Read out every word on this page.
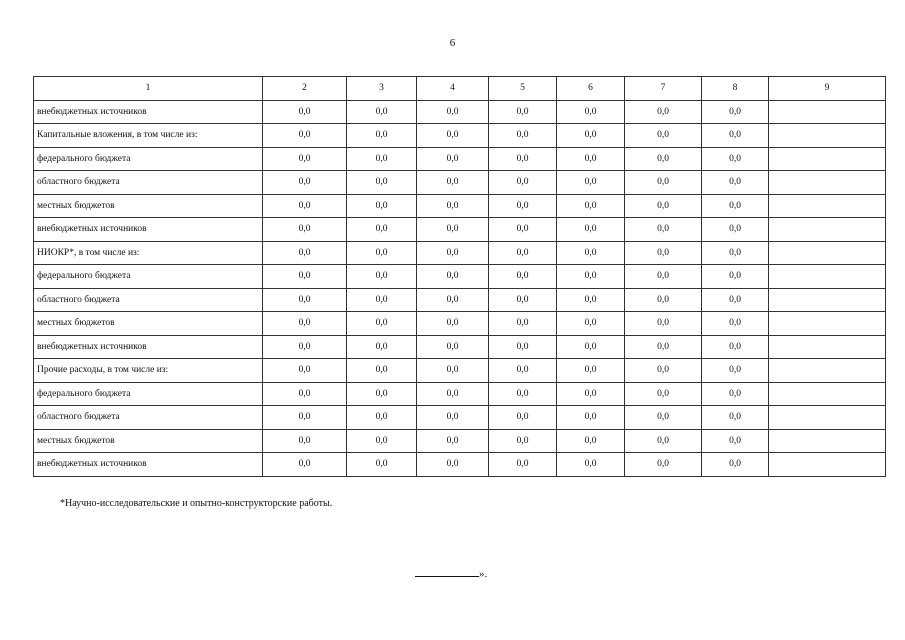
6
1	2	3	4	5	6	7	8	9
внебюджетных источников	0,0	0,0	0,0	0,0	0,0	0,0	0,0	
Капитальные вложения, в том числе из:	0,0	0,0	0,0	0,0	0,0	0,0	0,0	
федерального бюджета	0,0	0,0	0,0	0,0	0,0	0,0	0,0	
областного бюджета	0,0	0,0	0,0	0,0	0,0	0,0	0,0	
местных бюджетов	0,0	0,0	0,0	0,0	0,0	0,0	0,0	
внебюджетных источников	0,0	0,0	0,0	0,0	0,0	0,0	0,0	
НИОКР*, в том числе из:	0,0	0,0	0,0	0,0	0,0	0,0	0,0	
федерального бюджета	0,0	0,0	0,0	0,0	0,0	0,0	0,0	
областного бюджета	0,0	0,0	0,0	0,0	0,0	0,0	0,0	
местных бюджетов	0,0	0,0	0,0	0,0	0,0	0,0	0,0	
внебюджетных источников	0,0	0,0	0,0	0,0	0,0	0,0	0,0	
Прочие расходы, в том числе из:	0,0	0,0	0,0	0,0	0,0	0,0	0,0	
федерального бюджета	0,0	0,0	0,0	0,0	0,0	0,0	0,0	
областного бюджета	0,0	0,0	0,0	0,0	0,0	0,0	0,0	
местных бюджетов	0,0	0,0	0,0	0,0	0,0	0,0	0,0	
внебюджетных источников	0,0	0,0	0,0	0,0	0,0	0,0	0,0	
*Научно-исследовательские и опытно-конструкторские работы.
».
